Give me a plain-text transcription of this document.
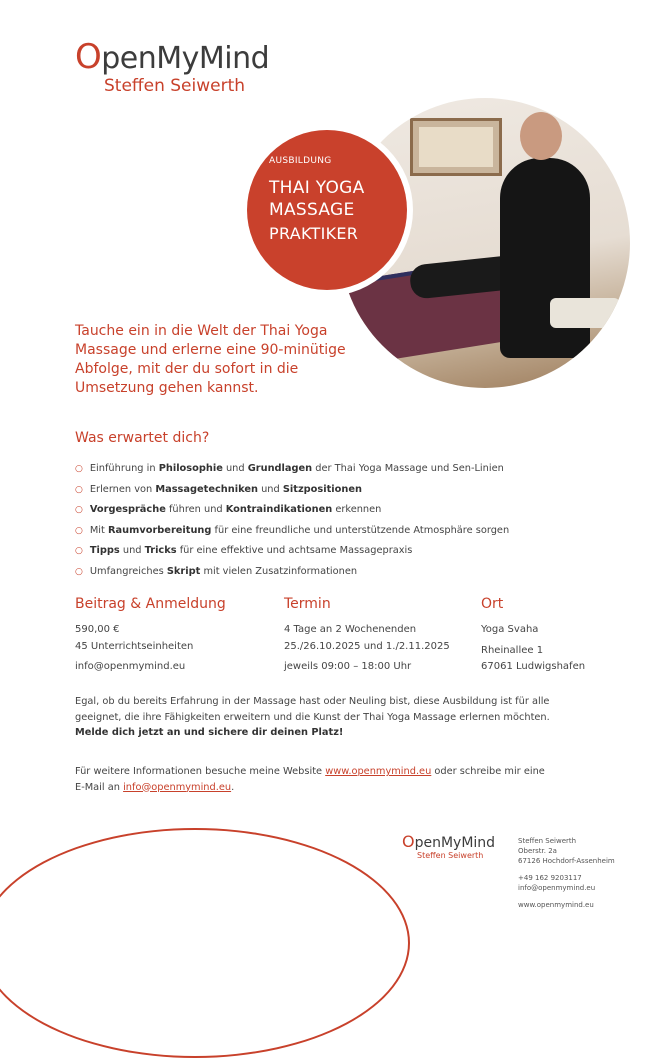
OpenMyMind
Steffen Seiwerth
AUSBILDUNG
THAI YOGA
MASSAGE
PRAKTIKER
Tauche ein in die Welt der Thai Yoga
Massage und erlerne eine 90-minütige
Abfolge, mit der du sofort in die
Umsetzung gehen kannst.
Was erwartet dich?
○ Einführung in Philosophie und Grundlagen der Thai Yoga Massage und Sen-Linien
○ Erlernen von Massagetechniken und Sitzpositionen
○ Vorgespräche führen und Kontraindikationen erkennen
○ Mit Raumvorbereitung für eine freundliche und unterstützende Atmosphäre sorgen
○ Tipps und Tricks für eine effektive und achtsame Massagepraxis
○ Umfangreiches Skript mit vielen Zusatzinformationen
Beitrag & Anmeldung
590,00 €
45 Unterrichtseinheiten
info@openmymind.eu
Termin
4 Tage an 2 Wochenenden
25./26.10.2025 und 1./2.11.2025
jeweils 09:00 – 18:00 Uhr
Ort
Yoga Svaha
Rheinallee 1
67061 Ludwigshafen
Egal, ob du bereits Erfahrung in der Massage hast oder Neuling bist, diese Ausbildung ist für alle
geeignet, die ihre Fähigkeiten erweitern und die Kunst der Thai Yoga Massage erlernen möchten.
Melde dich jetzt an und sichere dir deinen Platz!
Für weitere Informationen besuche meine Website www.openmymind.eu oder schreibe mir eine
E-Mail an info@openmymind.eu.
OpenMyMind
Steffen Seiwerth
Steffen Seiwerth
Oberstr. 2a
67126 Hochdorf-Assenheim
+49 162 9203117
info@openmymind.eu
www.openmymind.eu
